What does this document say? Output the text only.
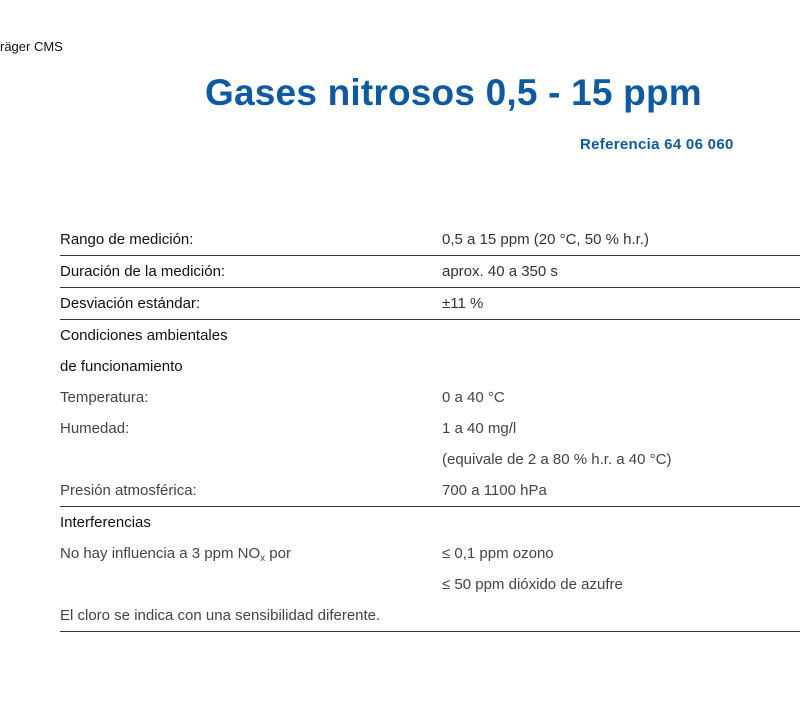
räger CMS
Gases nitrosos 0,5 - 15 ppm
Referencia 64 06 060
Rango de medición:	0,5 a 15 ppm (20 °C, 50 % h.r.)
Duración de la medición:	aprox. 40 a 350 s
Desviación estándar:	±11 %
Condiciones ambientales
de funcionamiento
Temperatura:	0 a 40 °C
Humedad:	1 a 40 mg/l
(equivale de 2 a 80 % h.r. a 40 °C)
Presión atmosférica:	700 a 1100 hPa
Interferencias
No hay influencia a 3 ppm $NO_x$ por	≤ 0,1 ppm ozono
≤ 50 ppm dióxido de azufre
El cloro se indica con una sensibilidad diferente.
